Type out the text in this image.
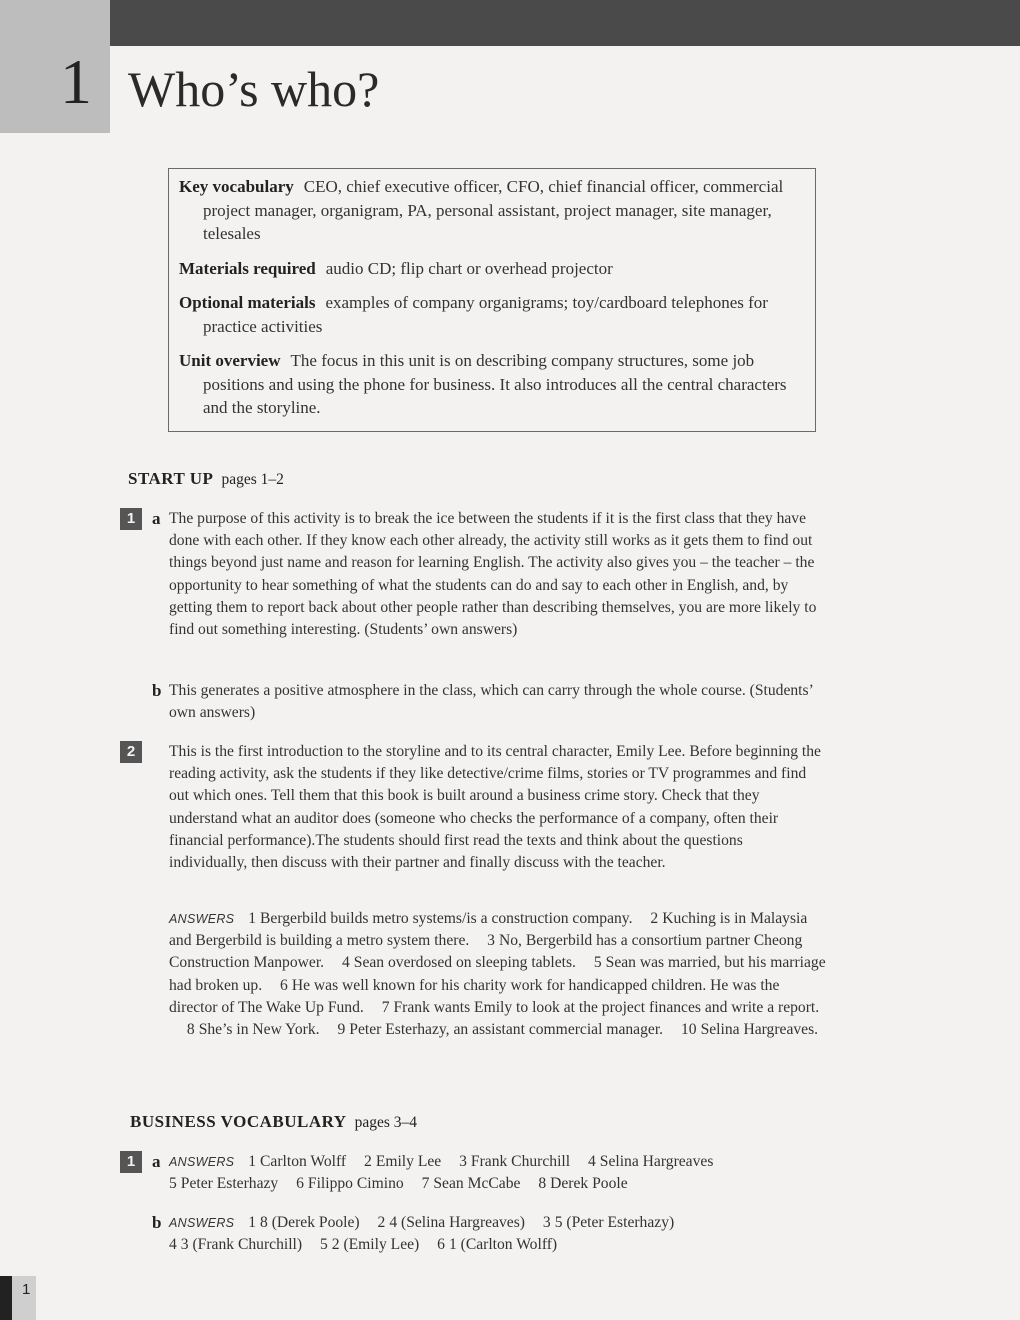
1 Who’s who?
Key vocabulary CEO, chief executive officer, CFO, chief financial officer, commercial project manager, organigram, PA, personal assistant, project manager, site manager, telesales
Materials required audio CD; flip chart or overhead projector
Optional materials examples of company organigrams; toy/cardboard telephones for practice activities
Unit overview The focus in this unit is on describing company structures, some job positions and using the phone for business. It also introduces all the central characters and the storyline.
START UP pages 1–2
1 a The purpose of this activity is to break the ice between the students if it is the first class that they have done with each other. If they know each other already, the activity still works as it gets them to find out things beyond just name and reason for learning English. The activity also gives you – the teacher – the opportunity to hear something of what the students can do and say to each other in English, and, by getting them to report back about other people rather than describing themselves, you are more likely to find out something interesting. (Students’ own answers)
b This generates a positive atmosphere in the class, which can carry through the whole course. (Students’ own answers)
2	This is the first introduction to the storyline and to its central character, Emily Lee. Before beginning the reading activity, ask the students if they like detective/crime films, stories or TV programmes and find out which ones. Tell them that this book is built around a business crime story. Check that they understand what an auditor does (someone who checks the performance of a company, often their financial performance).The students should first read the texts and think about the questions individually, then discuss with their partner and finally discuss with the teacher.
ANSWERS 1 Bergerbild builds metro systems/is a construction company. 2 Kuching is in Malaysia and Bergerbild is building a metro system there. 3 No, Bergerbild has a consortium partner Cheong Construction Manpower. 4 Sean overdosed on sleeping tablets. 5 Sean was married, but his marriage had broken up. 6 He was well known for his charity work for handicapped children. He was the director of The Wake Up Fund. 7 Frank wants Emily to look at the project finances and write a report. 8 She’s in New York. 9 Peter Esterhazy, an assistant commercial manager. 10 Selina Hargreaves.
BUSINESS VOCABULARY pages 3–4
1 a ANSWERS 1 Carlton Wolff 2 Emily Lee 3 Frank Churchill 4 Selina Hargreaves
5 Peter Esterhazy 6 Filippo Cimino 7 Sean McCabe 8 Derek Poole
b ANSWERS 1 8 (Derek Poole) 2 4 (Selina Hargreaves) 3 5 (Peter Esterhazy)
4 3 (Frank Churchill) 5 2 (Emily Lee) 6 1 (Carlton Wolff)
1
